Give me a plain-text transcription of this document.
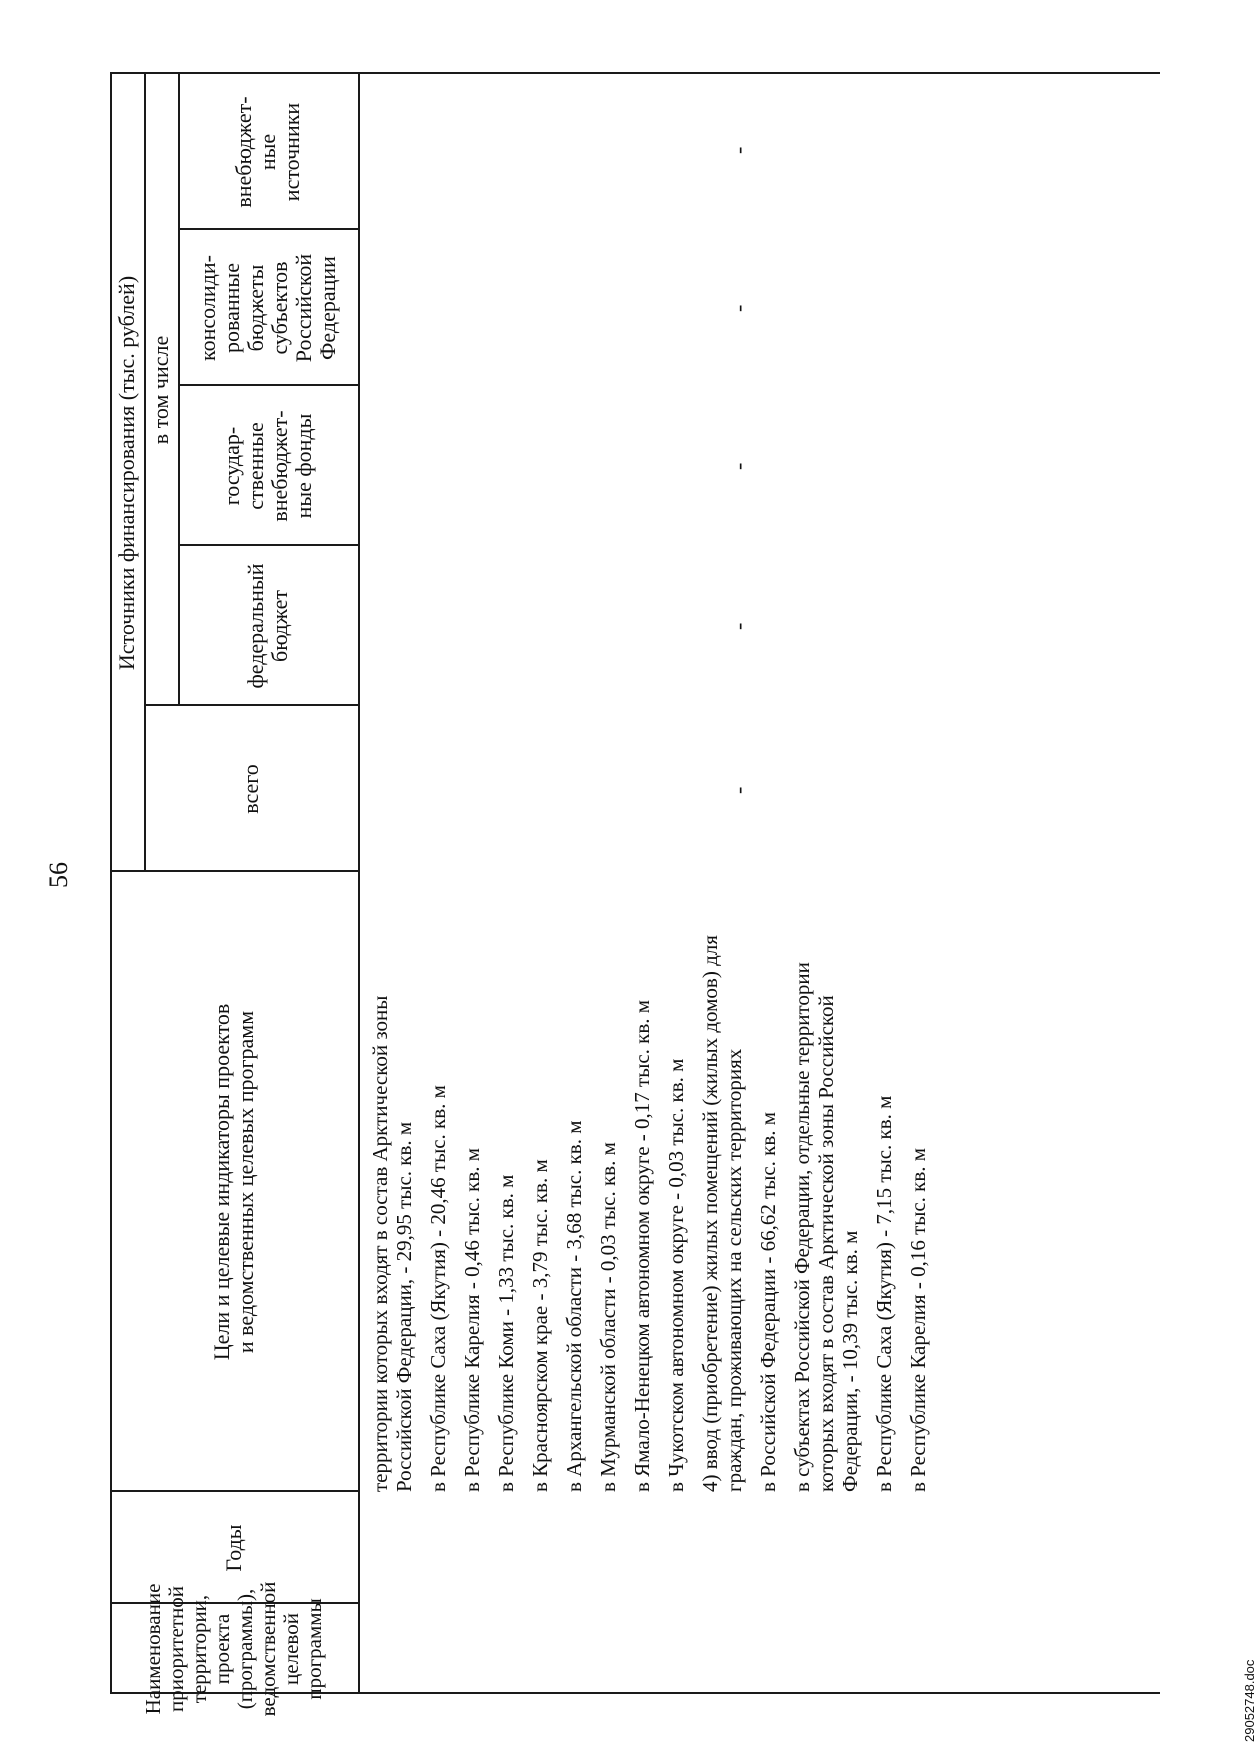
56
Наименование приоритетной территории, проекта (программы), ведомственной целевой программы
Годы
Цели и целевые индикаторы проектов и ведомственных целевых программ
Источники финансирования (тыс. рублей)
всего
в том числе
федеральный бюджет
государ- ственные внебюджет- ные фонды
консолиди- рованные бюджеты субъектов Российской Федерации
внебюджет- ные источники
территории которых входят в состав Арктической зоны Российской Федерации, - 29,95 тыс. кв. м в Республике Саха (Якутия) - 20,46 тыс. кв. м в Республике Карелия - 0,46 тыс. кв. м в Республике Коми - 1,33 тыс. кв. м в Красноярском крае - 3,79 тыс. кв. м в Архангельской области - 3,68 тыс. кв. м в Мурманской области - 0,03 тыс. кв. м в Ямало-Ненецком автономном округе - 0,17 тыс. кв. м в Чукотском автономном округе - 0,03 тыс. кв. м 4) ввод (приобретение) жилых помещений (жилых домов) для граждан, проживающих на сельских территориях в Российской Федерации - 66,62 тыс. кв. м в субъектах Российской Федерации, отдельные территории которых входят в состав Арктической зоны Российской Федерации, - 10,39 тыс. кв. м в Республике Саха (Якутия) - 7,15 тыс. кв. м в Республике Карелия - 0,16 тыс. кв. м
-
-
-
-
-
29052748.doc
